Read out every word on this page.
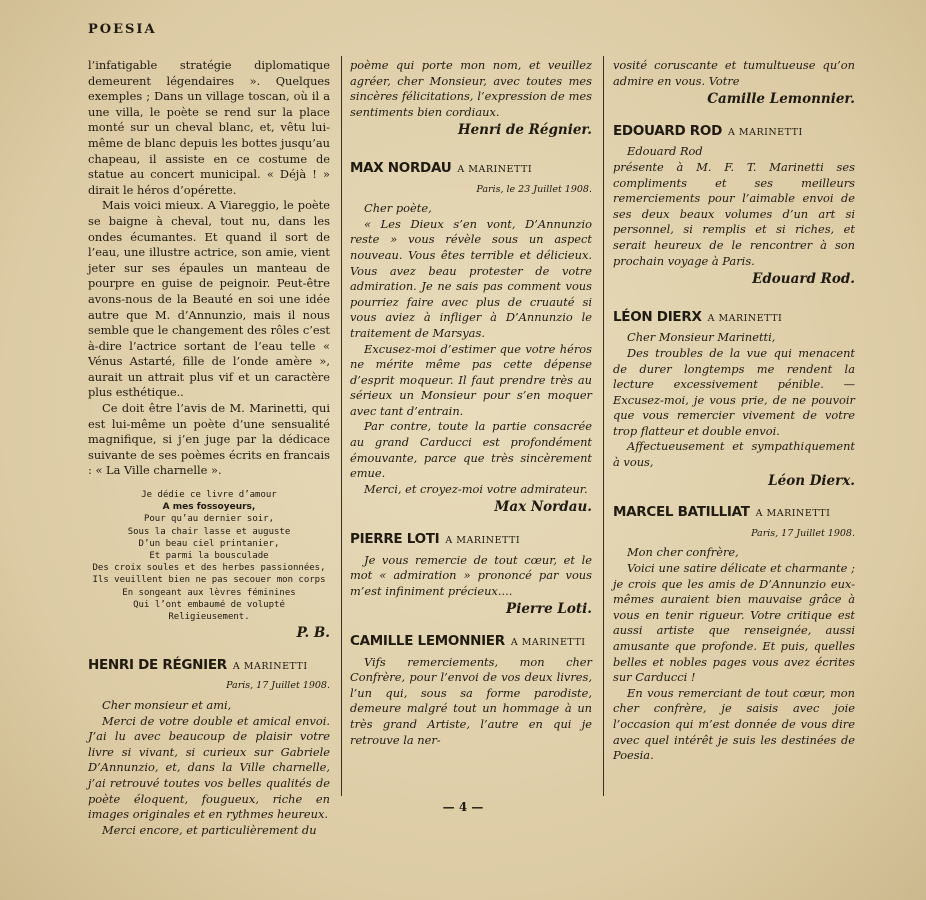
POESIA

l’infatigable stratégie diplomatique demeurent légendaires ». Quelques exemples ; Dans un village toscan, où il a une villa, le poète se rend sur la place monté sur un cheval blanc, et, vêtu lui-même de blanc depuis les bottes jusqu’au chapeau, il assiste en ce costume de statue au concert municipal. « Déjà ! » dirait le héros d’opérette.

Mais voici mieux. A Viareggio, le poète se baigne à cheval, tout nu, dans les ondes écumantes. Et quand il sort de l’eau, une illustre actrice, son amie, vient jeter sur ses épaules un manteau de pourpre en guise de peignoir. Peut-être avons-nous de la Beauté en soi une idée autre que M. d’Annunzio, mais il nous semble que le changement des rôles c’est à-dire l’actrice sortant de l’eau telle « Vénus Astarté, fille de l’onde amère », aurait un attrait plus vif et un caractère plus esthétique..

Ce doit être l’avis de M. Marinetti, qui est lui-même un poète d’une sensualité magnifique, si j’en juge par la dédicace suivante de ses poèmes écrits en francais : « La Ville charnelle ».

Je dédie ce livre d’amour
A mes fossoyeurs,
Pour qu’au dernier soir,
Sous la chair lasse et auguste
D’un beau ciel printanier,
Et parmi la bousculade
Des croix soules et des herbes passionnées,
Ils veuillent bien ne pas secouer mon corps
En songeant aux lèvres féminines
Qui l’ont embaumé de volupté
Religieusement.

P. B.

HENRI DE RÉGNIER A MARINETTI

Paris, 17 Juillet 1908.

Cher monsieur et ami,

Merci de votre double et amical envoi. J’ai lu avec beaucoup de plaisir votre livre si vivant, si curieux sur Gabriele D’Annunzio, et, dans la Ville charnelle, j’ai retrouvé toutes vos belles qualités de poète éloquent, fougueux, riche en images originales et en rythmes heureux.

Merci encore, et particulièrement du

poème qui porte mon nom, et veuillez agréer, cher Monsieur, avec toutes mes sincères félicitations, l’expression de mes sentiments bien cordiaux.

Henri de Régnier.

MAX NORDAU A MARINETTI

Paris, le 23 Juillet 1908.

Cher poète,

« Les Dieux s’en vont, D’Annunzio reste » vous révèle sous un aspect nouveau. Vous êtes terrible et délicieux. Vous avez beau protester de votre admiration. Je ne sais pas comment vous pourriez faire avec plus de cruauté si vous aviez à infliger à D’Annunzio le traitement de Marsyas.

Excusez-moi d’estimer que votre héros ne mérite même pas cette dépense d’esprit moqueur. Il faut prendre très au sérieux un Monsieur pour s’en moquer avec tant d’entrain.

Par contre, toute la partie consacrée au grand Carducci est profondément émouvante, parce que très sincèrement emue.

Merci, et croyez-moi votre admirateur.

Max Nordau.

PIERRE LOTI A MARINETTI

Je vous remercie de tout cœur, et le mot « admiration » prononcé par vous m’est infiniment précieux....

Pierre Loti.

CAMILLE LEMONNIER A MARINETTI

Vifs remerciements, mon cher Confrère, pour l’envoi de vos deux livres, l’un qui, sous sa forme parodiste, demeure malgré tout un hommage à un très grand Artiste, l’autre en qui je retrouve la ner-

vosité coruscante et tumultueuse qu’on admire en vous. Votre

Camille Lemonnier.

EDOUARD ROD A MARINETTI

Edouard Rod

présente à M. F. T. Marinetti ses compliments et ses meilleurs remerciements pour l’aimable envoi de ses deux beaux volumes d’un art si personnel, si remplis et si riches, et serait heureux de le rencontrer à son prochain voyage à Paris.

Edouard Rod.

LÉON DIERX A MARINETTI

Cher Monsieur Marinetti,

Des troubles de la vue qui menacent de durer longtemps me rendent la lecture excessivement pénible. — Excusez-moi, je vous prie, de ne pouvoir que vous remercier vivement de votre trop flatteur et double envoi.

Affectueusement et sympathiquement à vous,

Léon Dierx.

MARCEL BATILLIAT A MARINETTI

Paris, 17 Juillet 1908.

Mon cher confrère,

Voici une satire délicate et charmante ; je crois que les amis de D’Annunzio eux-mêmes auraient bien mauvaise grâce à vous en tenir rigueur. Votre critique est aussi artiste que renseignée, aussi amusante que profonde. Et puis, quelles belles et nobles pages vous avez écrites sur Carducci !

En vous remerciant de tout cœur, mon cher confrère, je saisis avec joie l’occasion qui m’est donnée de vous dire avec quel intérêt je suis les destinées de Poesia.

— 4 —
